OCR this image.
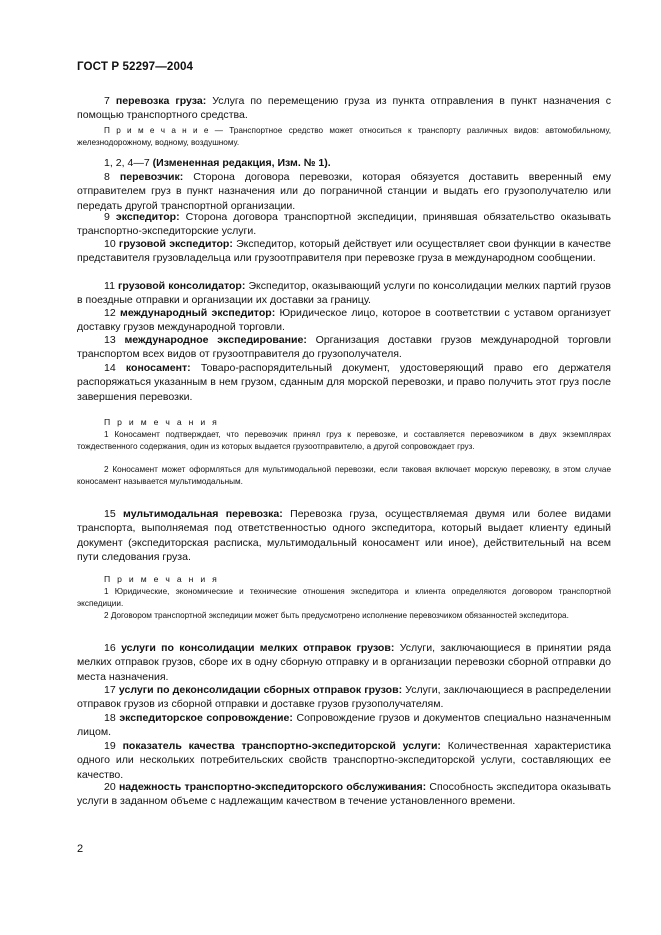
ГОСТ Р 52297—2004
7 перевозка груза: Услуга по перемещению груза из пункта отправления в пункт назначения с помощью транспортного средства.
П р и м е ч а н и е — Транспортное средство может относиться к транспорту различных видов: автомобильному, железнодорожному, водному, воздушному.
1, 2, 4—7 (Измененная редакция, Изм. № 1).
8 перевозчик: Сторона договора перевозки, которая обязуется доставить вверенный ему отправителем груз в пункт назначения или до пограничной станции и выдать его грузополучателю или передать другой транспортной организации.
9 экспедитор: Сторона договора транспортной экспедиции, принявшая обязательство оказывать транспортно-экспедиторские услуги.
10 грузовой экспедитор: Экспедитор, который действует или осуществляет свои функции в качестве представителя грузовладельца или грузоотправителя при перевозке груза в международном сообщении.
11 грузовой консолидатор: Экспедитор, оказывающий услуги по консолидации мелких партий грузов в поездные отправки и организации их доставки за границу.
12 международный экспедитор: Юридическое лицо, которое в соответствии с уставом организует доставку грузов международной торговли.
13 международное экспедирование: Организация доставки грузов международной торговли транспортом всех видов от грузоотправителя до грузополучателя.
14 коносамент: Товаро-распорядительный документ, удостоверяющий право его держателя распоряжаться указанным в нем грузом, сданным для морской перевозки, и право получить этот груз после завершения перевозки.
П р и м е ч а н и я
1 Коносамент подтверждает, что перевозчик принял груз к перевозке, и составляется перевозчиком в двух экземплярах тождественного содержания, один из которых выдается грузоотправителю, а другой сопровождает груз.
2 Коносамент может оформляться для мультимодальной перевозки, если таковая включает морскую перевозку, в этом случае коносамент называется мультимодальным.
15 мультимодальная перевозка: Перевозка груза, осуществляемая двумя или более видами транспорта, выполняемая под ответственностью одного экспедитора, который выдает клиенту единый документ (экспедиторская расписка, мультимодальный коносамент или иное), действительный на всем пути следования груза.
П р и м е ч а н и я
1 Юридические, экономические и технические отношения экспедитора и клиента определяются договором транспортной экспедиции.
2 Договором транспортной экспедиции может быть предусмотрено исполнение перевозчиком обязанностей экспедитора.
16 услуги по консолидации мелких отправок грузов: Услуги, заключающиеся в принятии ряда мелких отправок грузов, сборе их в одну сборную отправку и в организации перевозки сборной отправки до места назначения.
17 услуги по деконсолидации сборных отправок грузов: Услуги, заключающиеся в распределении отправок грузов из сборной отправки и доставке грузов грузополучателям.
18 экспедиторское сопровождение: Сопровождение грузов и документов специально назначенным лицом.
19 показатель качества транспортно-экспедиторской услуги: Количественная характеристика одного или нескольких потребительских свойств транспортно-экспедиторской услуги, составляющих ее качество.
20 надежность транспортно-экспедиторского обслуживания: Способность экспедитора оказывать услуги в заданном объеме с надлежащим качеством в течение установленного времени.
2
